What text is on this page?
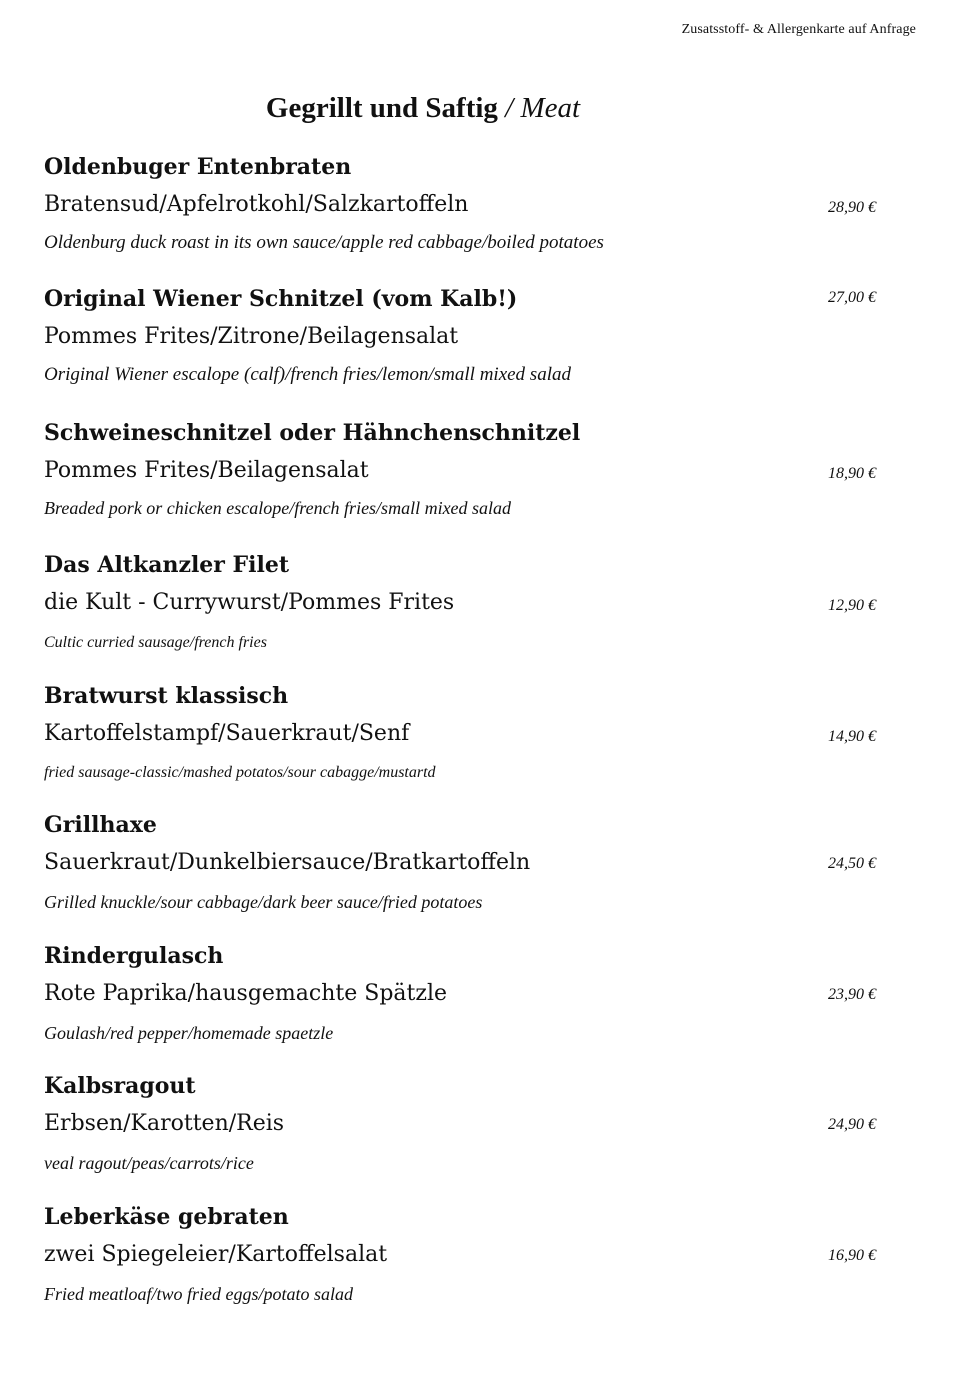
Zusatsstoff- & Allergenkarte auf Anfrage
Gegrillt und Saftig / Meat
Oldenbuger Entenbraten
Bratensud/Apfelrotkohl/Salzkartoffeln
Oldenburg duck roast in its own sauce/apple red cabbage/boiled potatoes
28,90 €
Original Wiener Schnitzel (vom Kalb!)
Pommes Frites/Zitrone/Beilagensalat
Original Wiener escalope (calf)/french fries/lemon/small mixed salad
27,00 €
Schweineschnitzel oder Hähnchenschnitzel
Pommes Frites/Beilagensalat
Breaded pork or chicken escalope/french fries/small mixed salad
18,90 €
Das Altkanzler Filet
die Kult - Currywurst/Pommes Frites
Cultic curried sausage/french fries
12,90 €
Bratwurst klassisch
Kartoffelstampf/Sauerkraut/Senf
fried sausage-classic/mashed potatos/sour cabagge/mustartd
14,90 €
Grillhaxe
Sauerkraut/Dunkelbiersauce/Bratkartoffeln
Grilled knuckle/sour cabbage/dark beer sauce/fried potatoes
24,50 €
Rindergulasch
Rote Paprika/hausgemachte Spätzle
Goulash/red pepper/homemade spaetzle
23,90 €
Kalbsragout
Erbsen/Karotten/Reis
veal ragout/peas/carrots/rice
24,90 €
Leberkäse gebraten
zwei Spiegeleier/Kartoffelsalat
Fried meatloaf/two fried eggs/potato salad
16,90 €
